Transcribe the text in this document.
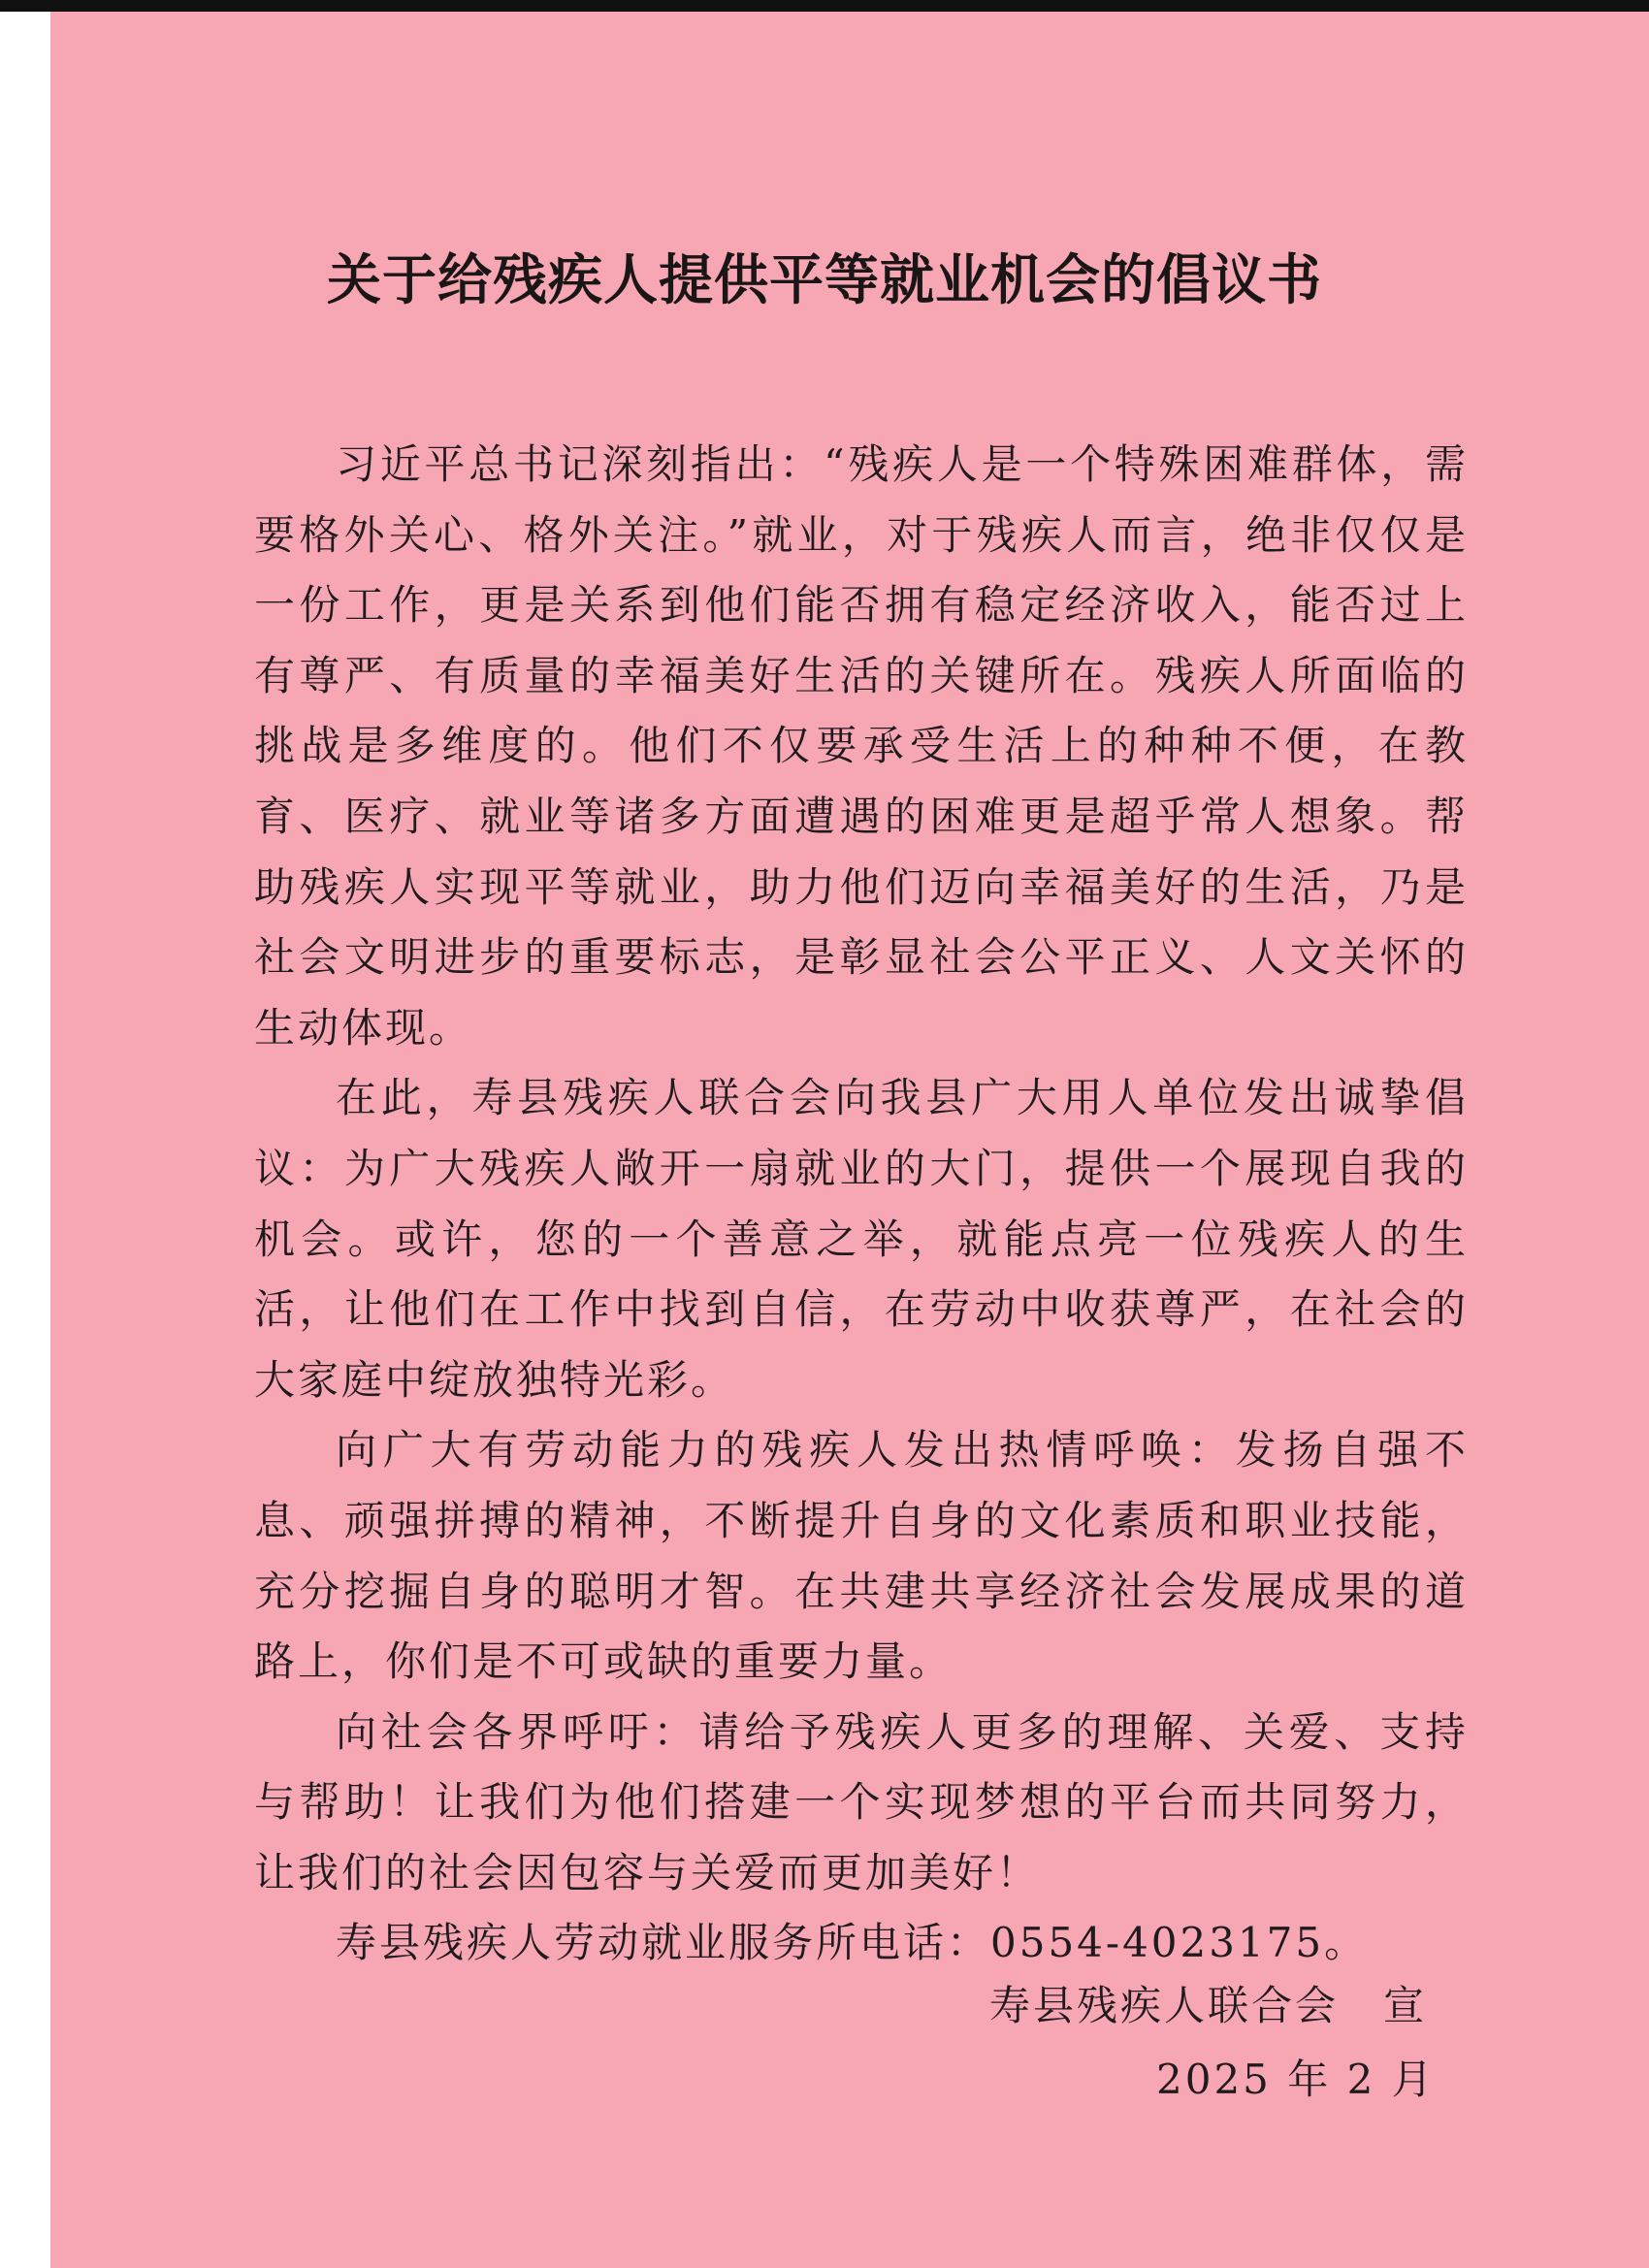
关于给残疾人提供平等就业机会的倡议书

习近平总书记深刻指出：“残疾人是一个特殊困难群体，需要格外关心、格外关注。”就业，对于残疾人而言，绝非仅仅是一份工作，更是关系到他们能否拥有稳定经济收入，能否过上有尊严、有质量的幸福美好生活的关键所在。残疾人所面临的挑战是多维度的。他们不仅要承受生活上的种种不便，在教育、医疗、就业等诸多方面遭遇的困难更是超乎常人想象。帮助残疾人实现平等就业，助力他们迈向幸福美好的生活，乃是社会文明进步的重要标志，是彰显社会公平正义、人文关怀的生动体现。

在此，寿县残疾人联合会向我县广大用人单位发出诚挚倡议：为广大残疾人敞开一扇就业的大门，提供一个展现自我的机会。或许，您的一个善意之举，就能点亮一位残疾人的生活，让他们在工作中找到自信，在劳动中收获尊严，在社会的大家庭中绽放独特光彩。

向广大有劳动能力的残疾人发出热情呼唤：发扬自强不息、顽强拼搏的精神，不断提升自身的文化素质和职业技能，充分挖掘自身的聪明才智。在共建共享经济社会发展成果的道路上，你们是不可或缺的重要力量。

向社会各界呼吁：请给予残疾人更多的理解、关爱、支持与帮助！让我们为他们搭建一个实现梦想的平台而共同努力，让我们的社会因包容与关爱而更加美好！

寿县残疾人劳动就业服务所电话：0554-4023175。

寿县残疾人联合会 宣
2025 年 2 月
